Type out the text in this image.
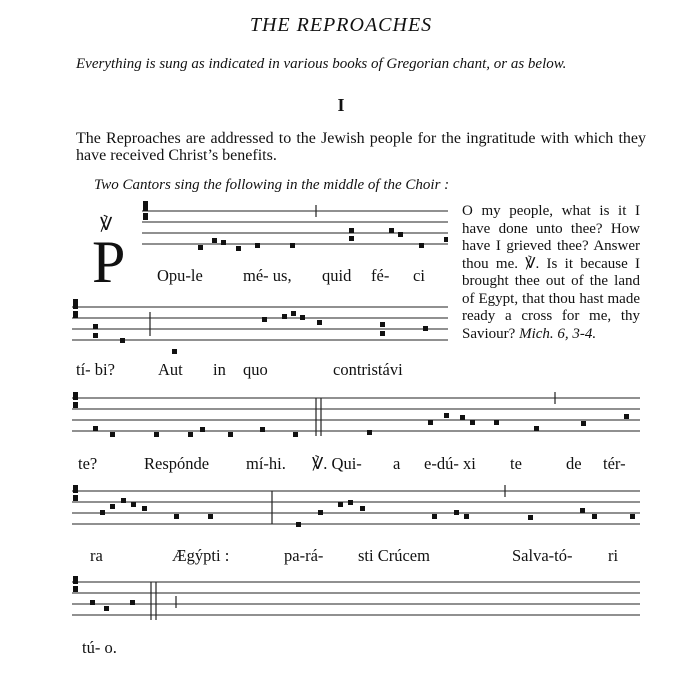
THE REPROACHES
Everything is sung as indicated in various books of Gregorian chant, or as below.
I
The Reproaches are addressed to the Jewish people for the ingratitude with which they have received Christ’s benefits.
Two Cantors sing the following in the middle of the Choir :
O my people, what is it I have done unto thee? How have I grieved thee? Answer thou me. ℣. Is it because I brought thee out of the land of Egypt, that thou hast made ready a cross for me, thy Saviour? Mich. 6, 3-4.
℣
P Opu-le mé- us, quid fé- ci
tí- bi?	Aut in quo	contristávi
te?	Respónde mí-hi. ℣. Qui- a e-dú- xi te	de tér-
ra	Ægýpti :	pa-rá- sti Crúcem	Salva-tó- ri
tú- o.
